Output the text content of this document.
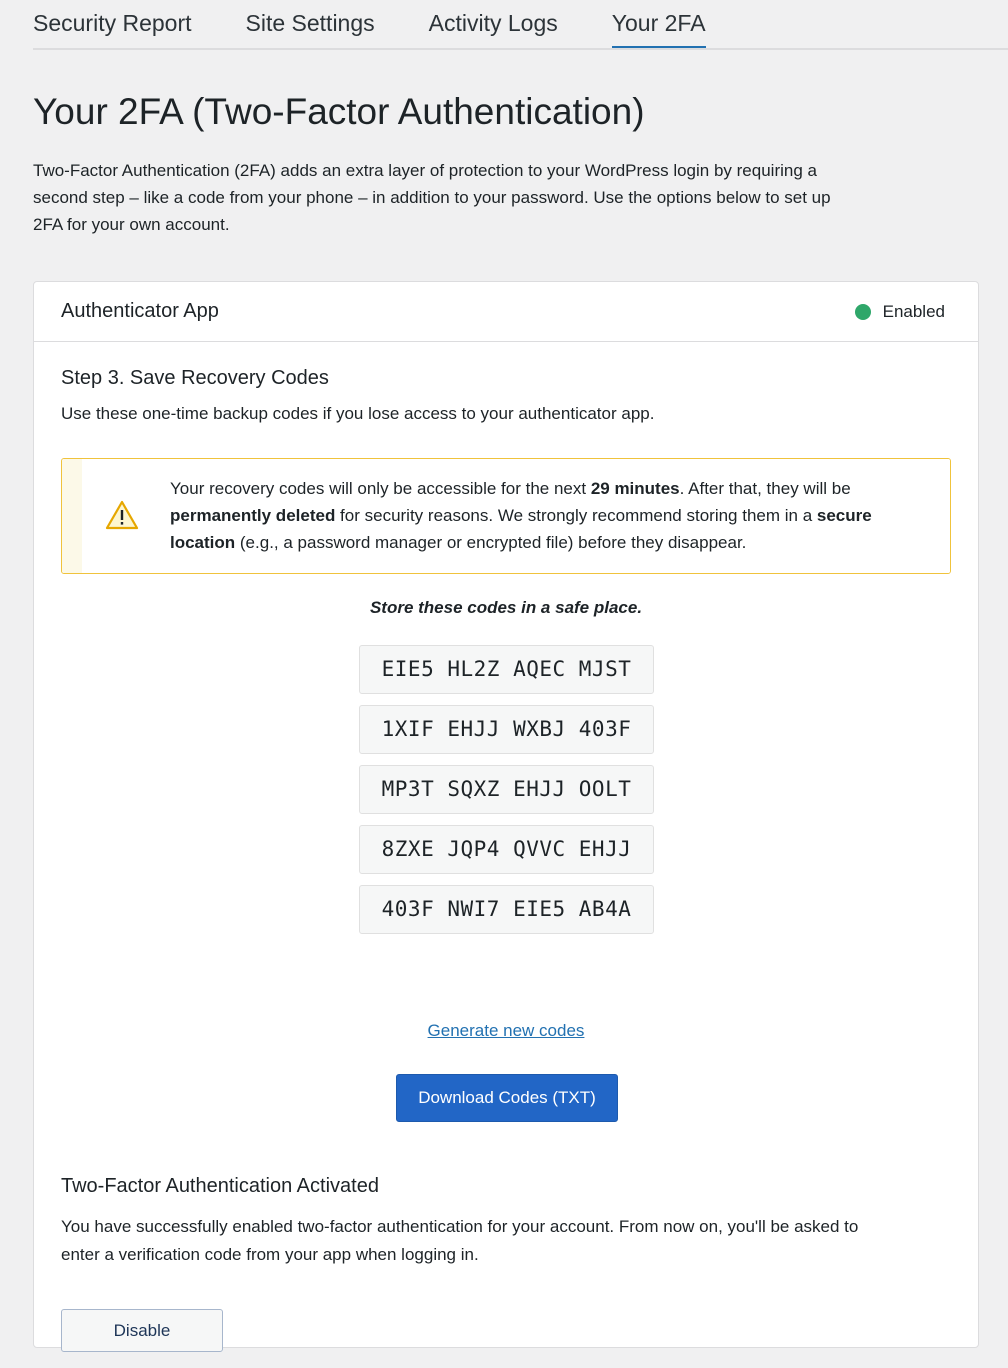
Security Report Site Settings Activity Logs Your 2FA
Your 2FA (Two-Factor Authentication)

Two-Factor Authentication (2FA) adds an extra layer of protection to your WordPress login by requiring a second step – like a code from your phone – in addition to your password. Use the options below to set up 2FA for your own account.

Authenticator App	Enabled
Step 3. Save Recovery Codes

Use these one-time backup codes if you lose access to your authenticator app.

Your recovery codes will only be accessible for the next 29 minutes. After that, they will be permanently deleted for security reasons. We strongly recommend storing them in a secure location (e.g., a password manager or encrypted file) before they disappear.

Store these codes in a safe place.

EIE5 HL2Z AQEC MJST
1XIF EHJJ WXBJ 403F
MP3T SQXZ EHJJ OOLT
8ZXE JQP4 QVVC EHJJ
403F NWI7 EIE5 AB4A

Generate new codes

Download Codes (TXT)
Two-Factor Authentication Activated

You have successfully enabled two-factor authentication for your account. From now on, you'll be asked to enter a verification code from your app when logging in.

Disable
